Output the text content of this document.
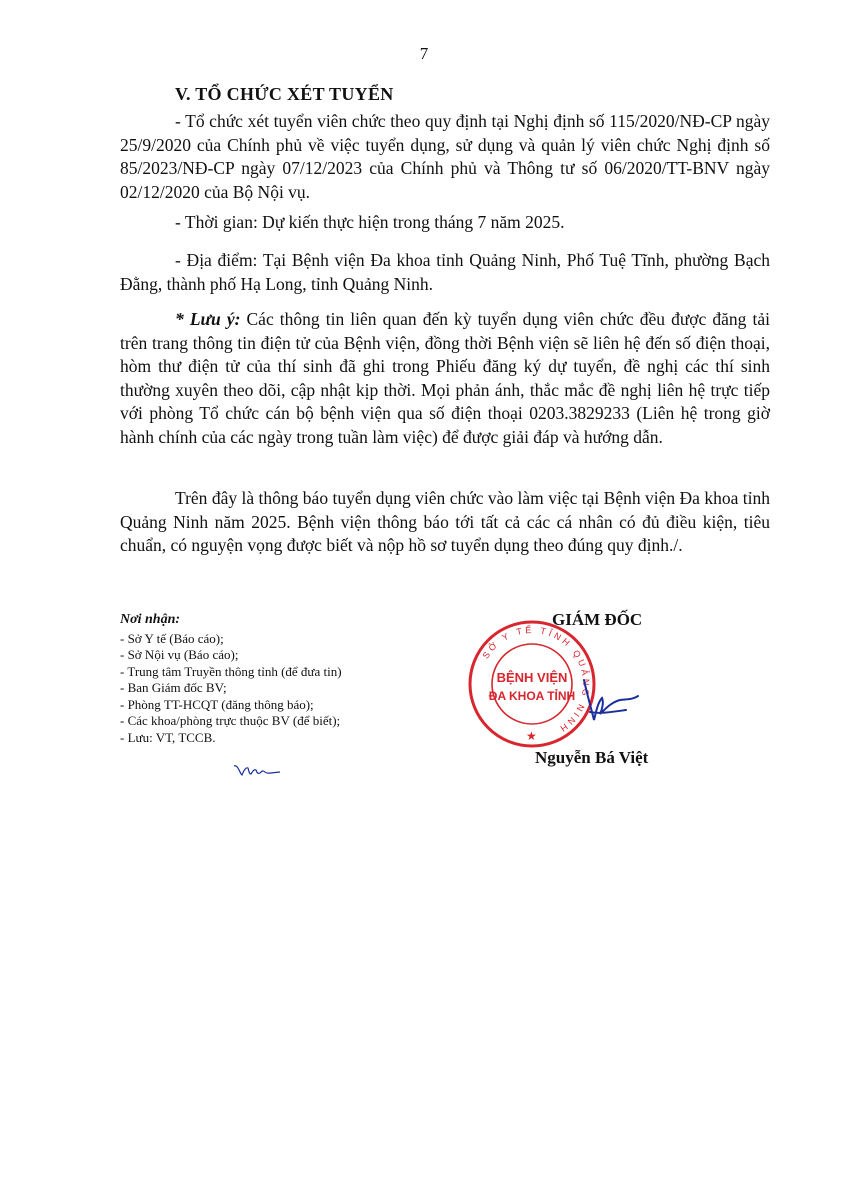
7
V. TỔ CHỨC XÉT TUYỂN

- Tổ chức xét tuyển viên chức theo quy định tại Nghị định số 115/2020/NĐ-CP ngày 25/9/2020 của Chính phủ về việc tuyển dụng, sử dụng và quản lý viên chức Nghị định số 85/2023/NĐ-CP ngày 07/12/2023 của Chính phủ và Thông tư số 06/2020/TT-BNV ngày 02/12/2020 của Bộ Nội vụ.

- Thời gian: Dự kiến thực hiện trong tháng 7 năm 2025.

- Địa điểm: Tại Bệnh viện Đa khoa tỉnh Quảng Ninh, Phố Tuệ Tĩnh, phường Bạch Đằng, thành phố Hạ Long, tỉnh Quảng Ninh.

* Lưu ý: Các thông tin liên quan đến kỳ tuyển dụng viên chức đều được đăng tải trên trang thông tin điện tử của Bệnh viện, đồng thời Bệnh viện sẽ liên hệ đến số điện thoại, hòm thư điện tử của thí sinh đã ghi trong Phiếu đăng ký dự tuyển, đề nghị các thí sinh thường xuyên theo dõi, cập nhật kịp thời. Mọi phản ánh, thắc mắc đề nghị liên hệ trực tiếp với phòng Tổ chức cán bộ bệnh viện qua số điện thoại 0203.3829233 (Liên hệ trong giờ hành chính của các ngày trong tuần làm việc) để được giải đáp và hướng dẫn.

Trên đây là thông báo tuyển dụng viên chức vào làm việc tại Bệnh viện Đa khoa tỉnh Quảng Ninh năm 2025. Bệnh viện thông báo tới tất cả các cá nhân có đủ điều kiện, tiêu chuẩn, có nguyện vọng được biết và nộp hồ sơ tuyển dụng theo đúng quy định./.

Nơi nhận:
- Sở Y tế (Báo cáo);
- Sở Nội vụ (Báo cáo);
- Trung tâm Truyền thông tỉnh (để đưa tin)
- Ban Giám đốc BV;
- Phòng TT-HCQT (đăng thông báo);
- Các khoa/phòng trực thuộc BV (để biết);
- Lưu: VT, TCCB.
SỞ Y TẾ TỈNH QUẢNG NINH
★
BỆNH VIỆN
ĐA KHOA TỈNH
GIÁM ĐỐC
Nguyễn Bá Việt
